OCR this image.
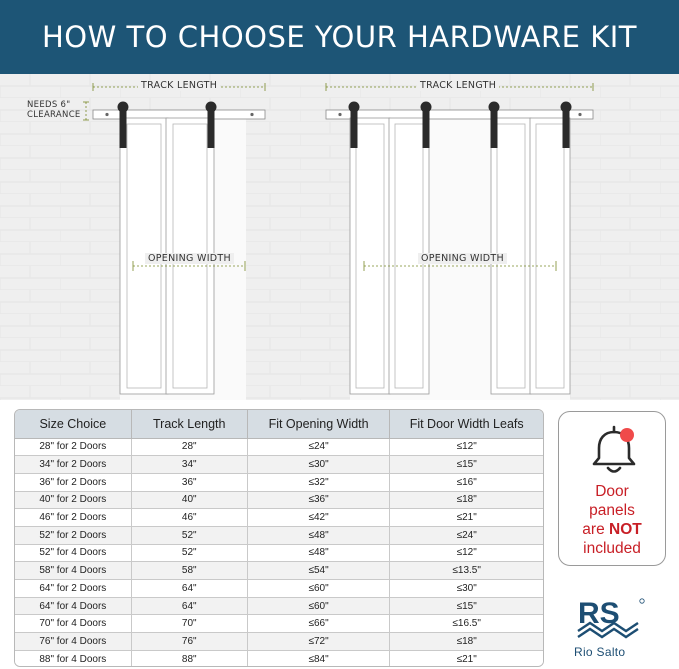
HOW TO CHOOSE YOUR HARDWARE KIT
TRACK LENGTH	TRACK LENGTH
NEEDS 6"
CLEARANCE
OPENING WIDTH	OPENING WIDTH
Size Choice	Track Length	Fit Opening Width	Fit Door Width Leafs
28" for 2 Doors	28"	≤24"	≤12"
34" for 2 Doors	34"	≤30"	≤15"
36" for 2 Doors	36"	≤32"	≤16"
40" for 2 Doors	40"	≤36"	≤18"
46" for 2 Doors	46"	≤42"	≤21"
52" for 2 Doors	52"	≤48"	≤24"
52" for 4 Doors	52"	≤48"	≤12"
58" for 4 Doors	58"	≤54"	≤13.5"
64" for 2 Doors	64"	≤60"	≤30"
64" for 4 Doors	64"	≤60"	≤15"
70" for 4 Doors	70"	≤66"	≤16.5"
76" for 4 Doors	76"	≤72"	≤18"
88" for 4 Doors	88"	≤84"	≤21"
Door
panels
are NOT
included
RS
Rio Salto
